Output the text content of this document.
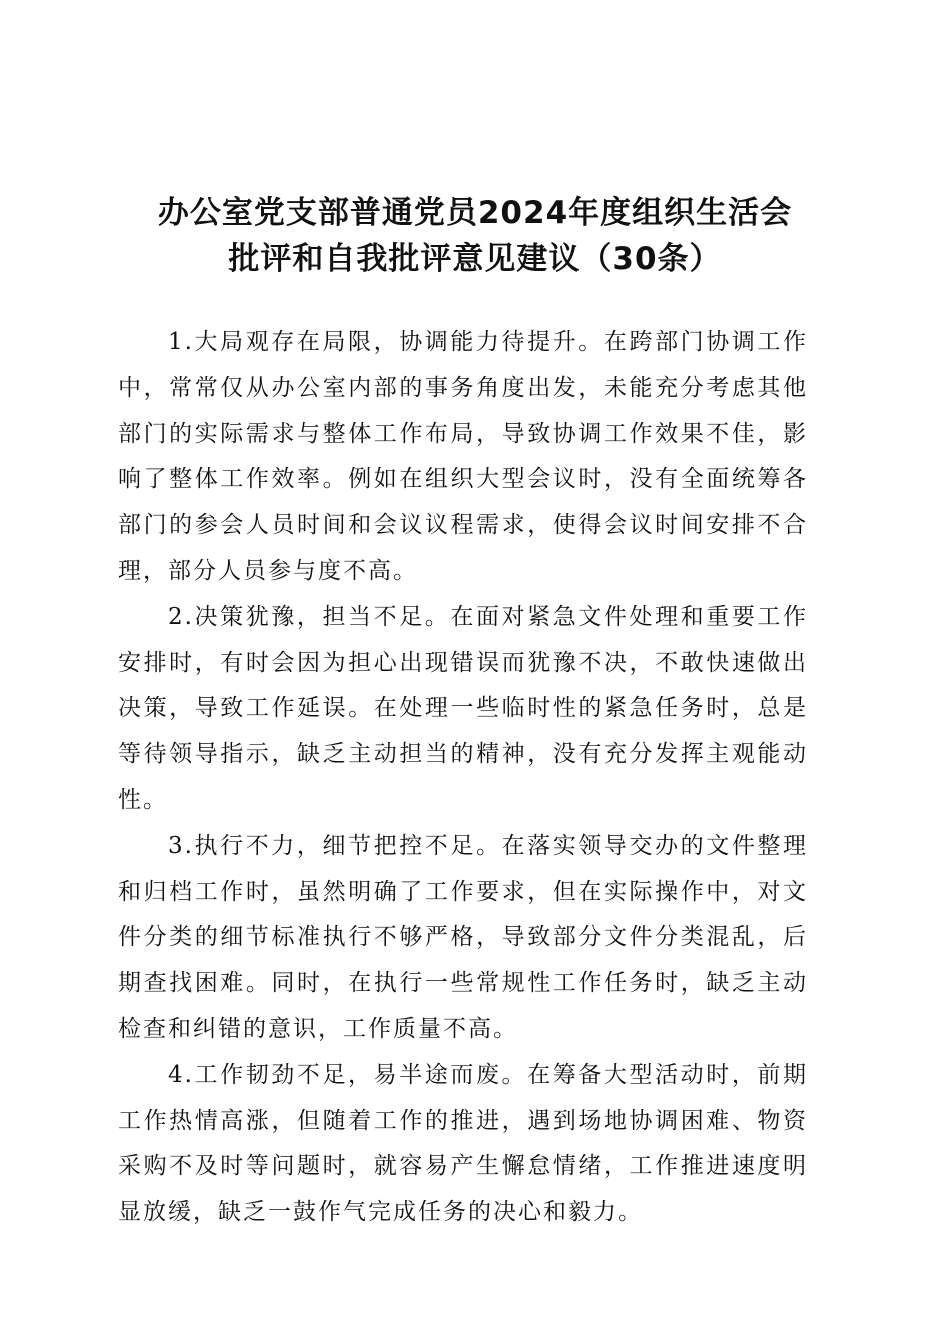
办公室党支部普通党员2024年度组织生活会
批评和自我批评意见建议（30条）

1.大局观存在局限，协调能力待提升。在跨部门协调工作中，常常仅从办公室内部的事务角度出发，未能充分考虑其他部门的实际需求与整体工作布局，导致协调工作效果不佳，影响了整体工作效率。例如在组织大型会议时，没有全面统筹各部门的参会人员时间和会议议程需求，使得会议时间安排不合理，部分人员参与度不高。

2.决策犹豫，担当不足。在面对紧急文件处理和重要工作安排时，有时会因为担心出现错误而犹豫不决，不敢快速做出决策，导致工作延误。在处理一些临时性的紧急任务时，总是等待领导指示，缺乏主动担当的精神，没有充分发挥主观能动性。

3.执行不力，细节把控不足。在落实领导交办的文件整理和归档工作时，虽然明确了工作要求，但在实际操作中，对文件分类的细节标准执行不够严格，导致部分文件分类混乱，后期查找困难。同时，在执行一些常规性工作任务时，缺乏主动检查和纠错的意识，工作质量不高。

4.工作韧劲不足，易半途而废。在筹备大型活动时，前期工作热情高涨，但随着工作的推进，遇到场地协调困难、物资采购不及时等问题时，就容易产生懈怠情绪，工作推进速度明显放缓，缺乏一鼓作气完成任务的决心和毅力。
